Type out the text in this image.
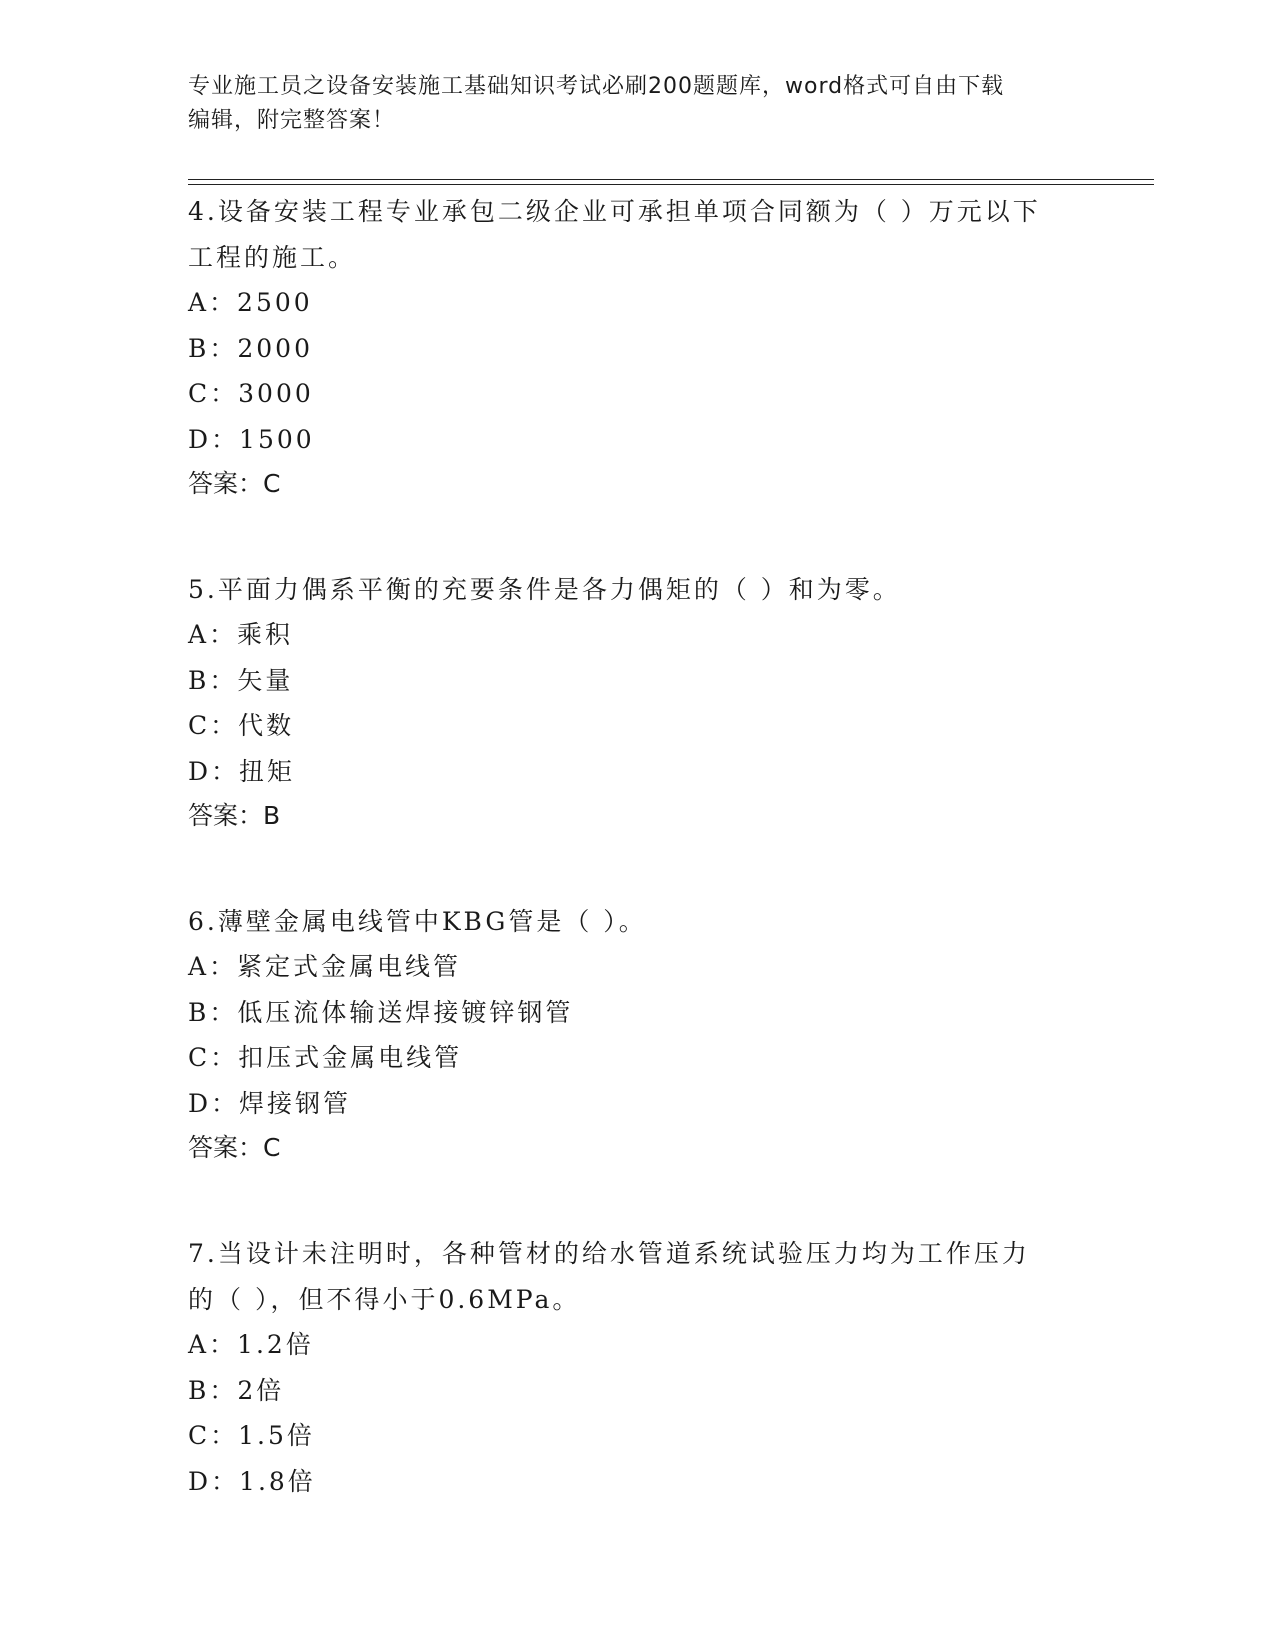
专业施工员之设备安装施工基础知识考试必刷200题题库，word格式可自由下载
编辑，附完整答案！
4.设备安装工程专业承包二级企业可承担单项合同额为（ ）万元以下
工程的施工。
A：2500
B：2000
C：3000
D：1500
答案：C
5.平面力偶系平衡的充要条件是各力偶矩的（ ）和为零。
A：乘积
B：矢量
C：代数
D：扭矩
答案：B
6.薄壁金属电线管中KBG管是（ ）。
A：紧定式金属电线管
B：低压流体输送焊接镀锌钢管
C：扣压式金属电线管
D：焊接钢管
答案：C
7.当设计未注明时，各种管材的给水管道系统试验压力均为工作压力
的（ ），但不得小于0.6MPa。
A：1.2倍
B：2倍
C：1.5倍
D：1.8倍
